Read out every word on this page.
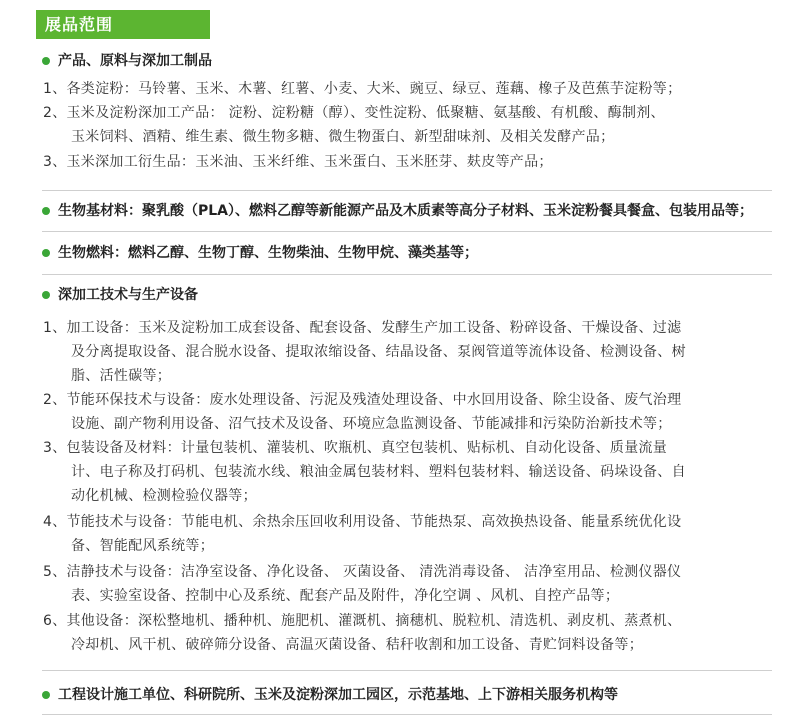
展品范围
产品、原料与深加工制品
1、各类淀粉：马铃薯、玉米、木薯、红薯、小麦、大米、豌豆、绿豆、莲藕、橡子及芭蕉芋淀粉等；
2、玉米及淀粉深加工产品： 淀粉、淀粉糖（醇）、变性淀粉、低聚糖、氨基酸、有机酸、酶制剂、
玉米饲料、酒精、维生素、微生物多糖、微生物蛋白、新型甜味剂、及相关发酵产品；
3、玉米深加工衍生品：玉米油、玉米纤维、玉米蛋白、玉米胚芽、麸皮等产品；
生物基材料：聚乳酸（PLA）、燃料乙醇等新能源产品及木质素等高分子材料、玉米淀粉餐具餐盒、包装用品等；
生物燃料：燃料乙醇、生物丁醇、生物柴油、生物甲烷、藻类基等；
深加工技术与生产设备
1、加工设备：玉米及淀粉加工成套设备、配套设备、发酵生产加工设备、粉碎设备、干燥设备、过滤
及分离提取设备、混合脱水设备、提取浓缩设备、结晶设备、泵阀管道等流体设备、检测设备、树
脂、活性碳等；
2、节能环保技术与设备：废水处理设备、污泥及残渣处理设备、中水回用设备、除尘设备、废气治理
设施、副产物利用设备、沼气技术及设备、环境应急监测设备、节能减排和污染防治新技术等；
3、包装设备及材料：计量包装机、灌装机、吹瓶机、真空包装机、贴标机、自动化设备、质量流量
计、电子称及打码机、包装流水线、粮油金属包装材料、塑料包装材料、输送设备、码垛设备、自
动化机械、检测检验仪器等；
4、节能技术与设备：节能电机、余热余压回收利用设备、节能热泵、高效换热设备、能量系统优化设
备、智能配风系统等；
5、洁静技术与设备：洁净室设备、净化设备、 灭菌设备、 清洗消毒设备、 洁净室用品、检测仪器仪
表、实验室设备、控制中心及系统、配套产品及附件，净化空调 、风机、自控产品等；
6、其他设备：深松整地机、播种机、施肥机、灌溉机、摘穗机、脱粒机、清选机、剥皮机、蒸煮机、
冷却机、风干机、破碎筛分设备、高温灭菌设备、秸秆收割和加工设备、青贮饲料设备等；
工程设计施工单位、科研院所、玉米及淀粉深加工园区，示范基地、上下游相关服务机构等
